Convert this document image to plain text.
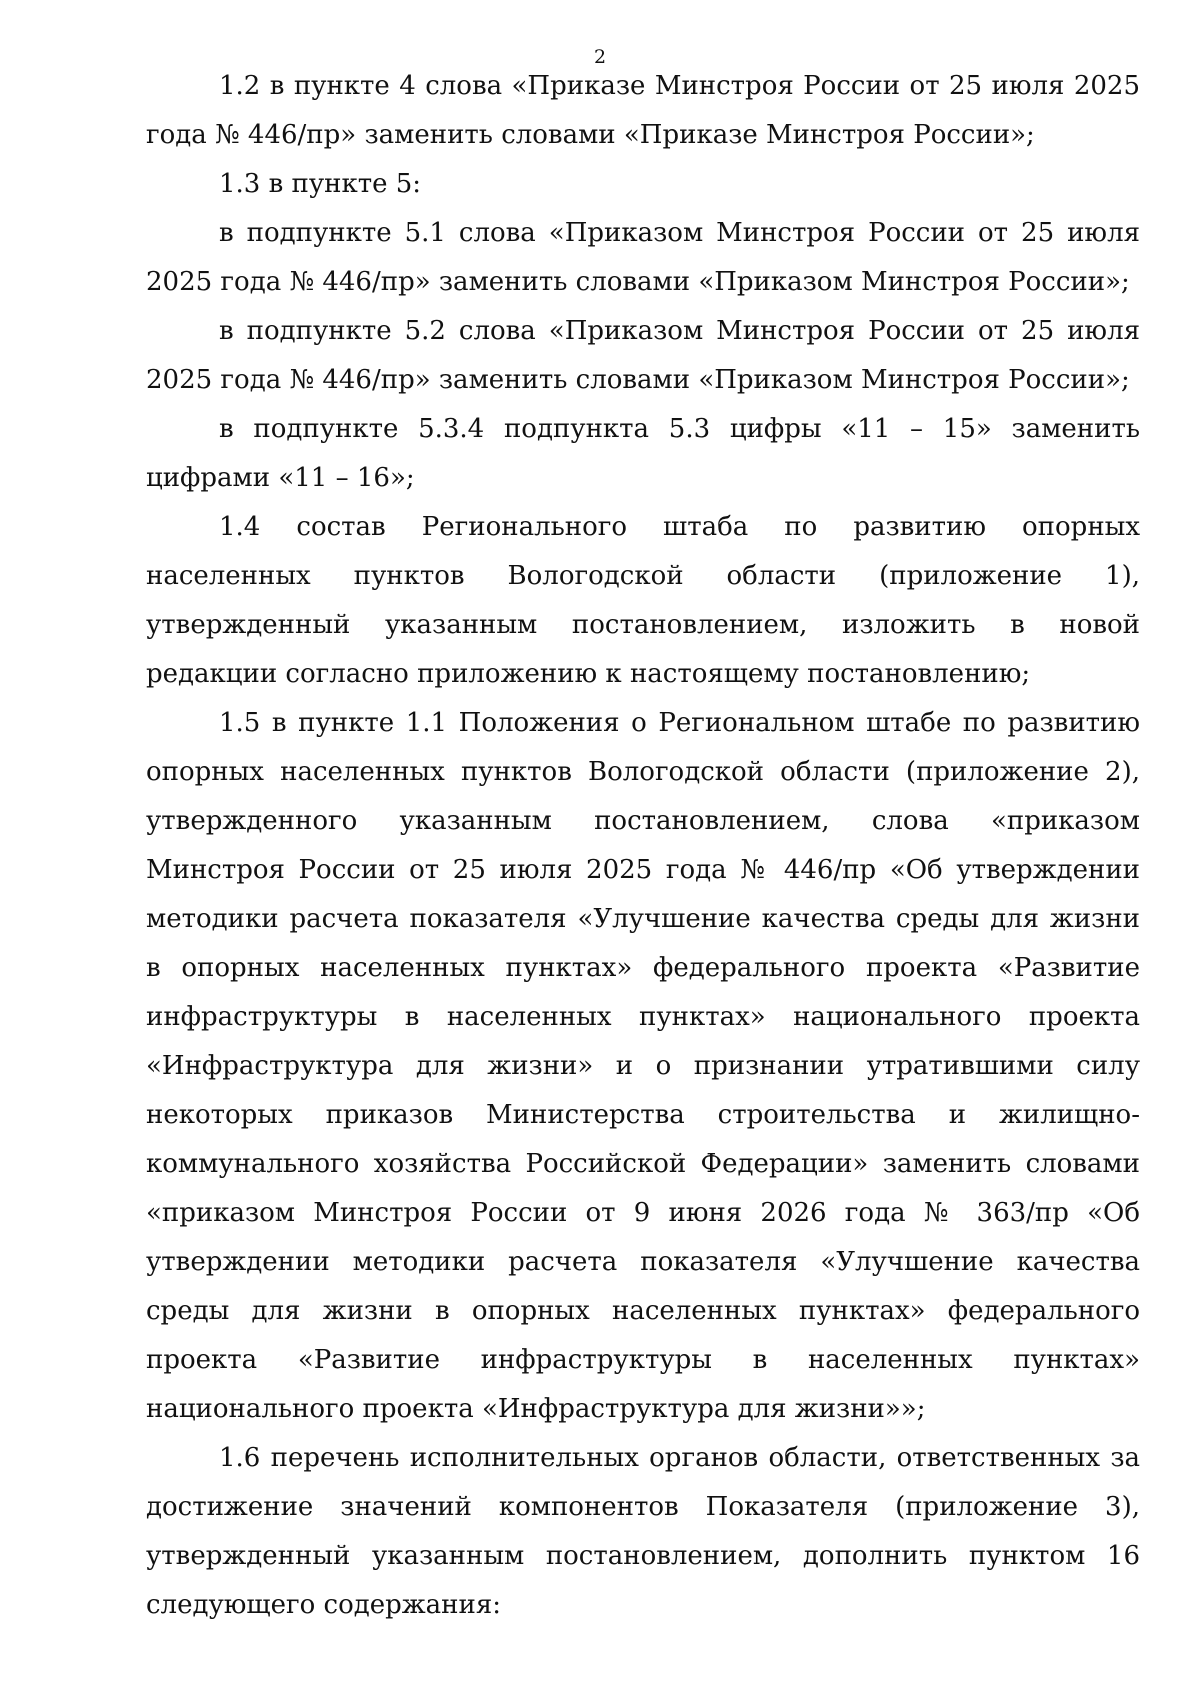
2

1.2 в пункте 4 слова «Приказе Минстроя России от 25 июля 2025 года № 446/пр» заменить словами «Приказе Минстроя России»;

1.3 в пункте 5:

в подпункте 5.1 слова «Приказом Минстроя России от 25 июля 2025 года № 446/пр» заменить словами «Приказом Минстроя России»;

в подпункте 5.2 слова «Приказом Минстроя России от 25 июля 2025 года № 446/пр» заменить словами «Приказом Минстроя России»;

в подпункте 5.3.4 подпункта 5.3 цифры «11 – 15» заменить цифрами «11 – 16»;

1.4 состав Регионального штаба по развитию опорных населенных пунктов Вологодской области (приложение 1), утвержденный указанным постановлением, изложить в новой редакции согласно приложению к настоящему постановлению;

1.5 в пункте 1.1 Положения о Региональном штабе по развитию опорных населенных пунктов Вологодской области (приложение 2), утвержденного указанным постановлением, слова «приказом Минстроя России от 25 июля 2025 года № 446/пр «Об утверждении методики расчета показателя «Улучшение качества среды для жизни в опорных населенных пунктах» федерального проекта «Развитие инфраструктуры в населенных пунктах» национального проекта «Инфраструктура для жизни» и о признании утратившими силу некоторых приказов Министерства строительства и жилищно-коммунального хозяйства Российской Федерации» заменить словами «приказом Минстроя России от 9 июня 2026 года № 363/пр «Об утверждении методики расчета показателя «Улучшение качества среды для жизни в опорных населенных пунктах» федерального проекта «Развитие инфраструктуры в населенных пунктах» национального проекта «Инфраструктура для жизни»»;

1.6 перечень исполнительных органов области, ответственных за достижение значений компонентов Показателя (приложение 3), утвержденный указанным постановлением, дополнить пунктом 16 следующего содержания:
